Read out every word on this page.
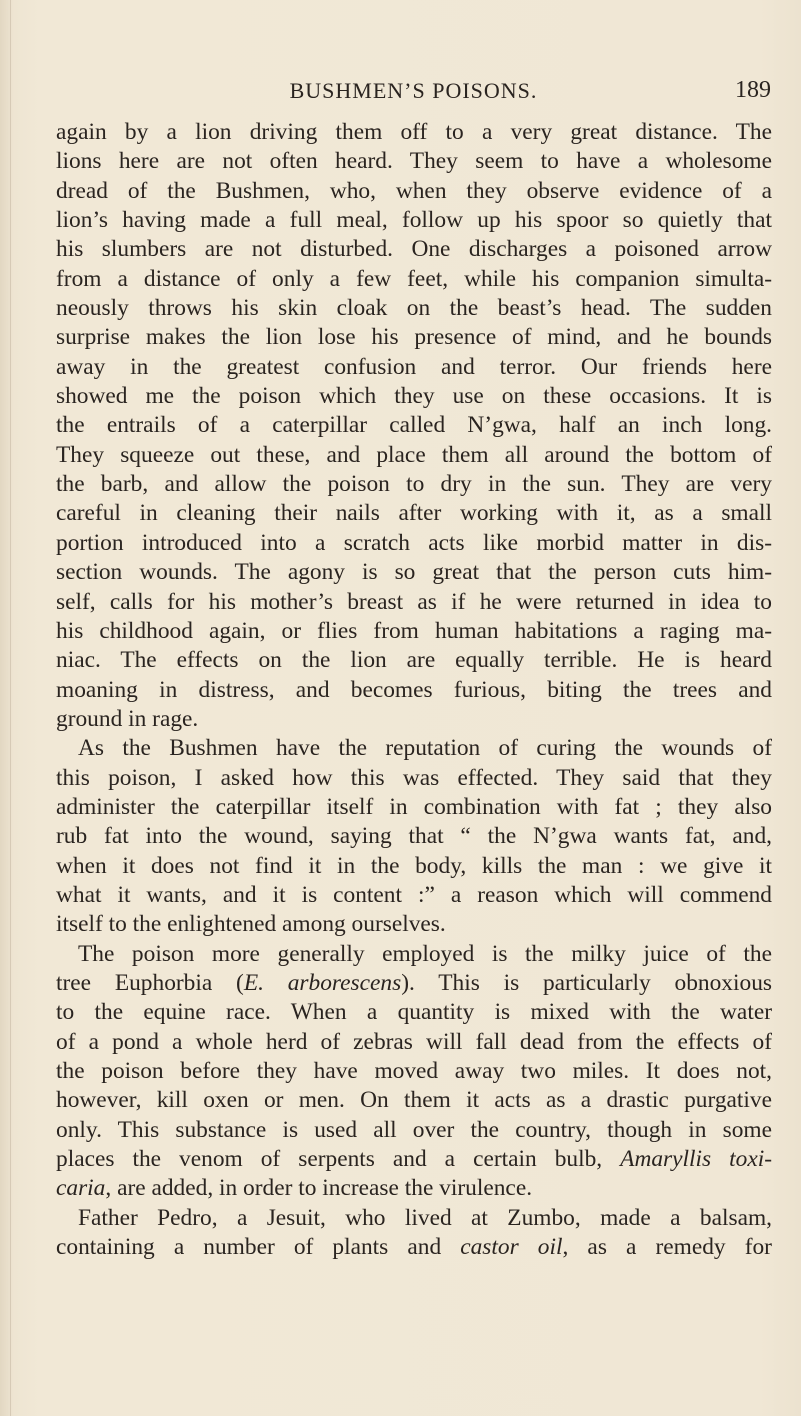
BUSHMEN’S POISONS.	189
again by a lion driving them off to a very great distance. The
lions here are not often heard. They seem to have a wholesome
dread of the Bushmen, who, when they observe evidence of a
lion’s having made a full meal, follow up his spoor so quietly that
his slumbers are not disturbed. One discharges a poisoned arrow
from a distance of only a few feet, while his companion simulta-
neously throws his skin cloak on the beast’s head. The sudden
surprise makes the lion lose his presence of mind, and he bounds
away in the greatest confusion and terror. Our friends here
showed me the poison which they use on these occasions. It is
the entrails of a caterpillar called N’gwa, half an inch long.
They squeeze out these, and place them all around the bottom of
the barb, and allow the poison to dry in the sun. They are very
careful in cleaning their nails after working with it, as a small
portion introduced into a scratch acts like morbid matter in dis-
section wounds. The agony is so great that the person cuts him-
self, calls for his mother’s breast as if he were returned in idea to
his childhood again, or flies from human habitations a raging ma-
niac. The effects on the lion are equally terrible. He is heard
moaning in distress, and becomes furious, biting the trees and
ground in rage.
As the Bushmen have the reputation of curing the wounds of
this poison, I asked how this was effected. They said that they
administer the caterpillar itself in combination with fat ; they also
rub fat into the wound, saying that “ the N’gwa wants fat, and,
when it does not find it in the body, kills the man : we give it
what it wants, and it is content :” a reason which will commend
itself to the enlightened among ourselves.
The poison more generally employed is the milky juice of the
tree Euphorbia (E. arborescens). This is particularly obnoxious
to the equine race. When a quantity is mixed with the water
of a pond a whole herd of zebras will fall dead from the effects of
the poison before they have moved away two miles. It does not,
however, kill oxen or men. On them it acts as a drastic purgative
only. This substance is used all over the country, though in some
places the venom of serpents and a certain bulb, Amaryllis toxi-
caria, are added, in order to increase the virulence.
Father Pedro, a Jesuit, who lived at Zumbo, made a balsam,
containing a number of plants and castor oil, as a remedy for
